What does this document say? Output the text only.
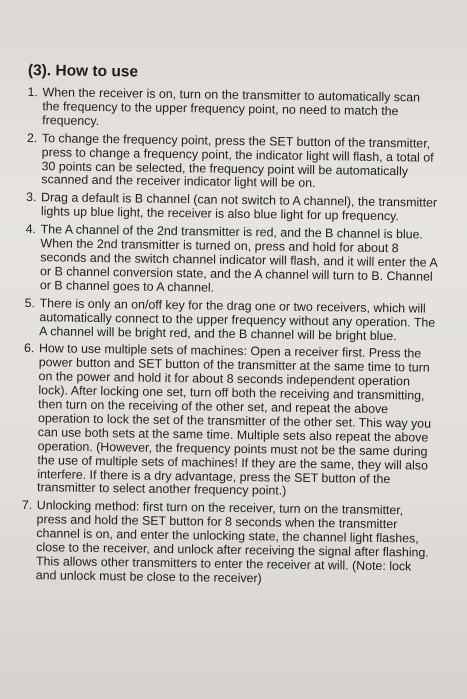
(3). How to use
1. When the receiver is on, turn on the transmitter to automatically scan the frequency to the upper frequency point, no need to match the frequency.
2. To change the frequency point, press the SET button of the transmitter, press to change a frequency point, the indicator light will flash, a total of 30 points can be selected, the frequency point will be automatically scanned and the receiver indicator light will be on.
3. Drag a default is B channel (can not switch to A channel), the transmitter lights up blue light, the receiver is also blue light for up frequency.
4. The A channel of the 2nd transmitter is red, and the B channel is blue. When the 2nd transmitter is turned on, press and hold for about 8 seconds and the switch channel indicator will flash, and it will enter the A or B channel conversion state, and the A channel will turn to B. Channel or B channel goes to A channel.
5. There is only an on/off key for the drag one or two receivers, which will automatically connect to the upper frequency without any operation. The A channel will be bright red, and the B channel will be bright blue.
6. How to use multiple sets of machines: Open a receiver first. Press the power button and SET button of the transmitter at the same time to turn on the power and hold it for about 8 seconds independent operation lock). After locking one set, turn off both the receiving and transmitting, then turn on the receiving of the other set, and repeat the above operation to lock the set of the transmitter of the other set. This way you can use both sets at the same time. Multiple sets also repeat the above operation. (However, the frequency points must not be the same during the use of multiple sets of machines! If they are the same, they will also interfere. If there is a dry advantage, press the SET button of the transmitter to select another frequency point.)
7. Unlocking method: first turn on the receiver, turn on the transmitter, press and hold the SET button for 8 seconds when the transmitter channel is on, and enter the unlocking state, the channel light flashes, close to the receiver, and unlock after receiving the signal after flashing. This allows other transmitters to enter the receiver at will. (Note: lock and unlock must be close to the receiver)
